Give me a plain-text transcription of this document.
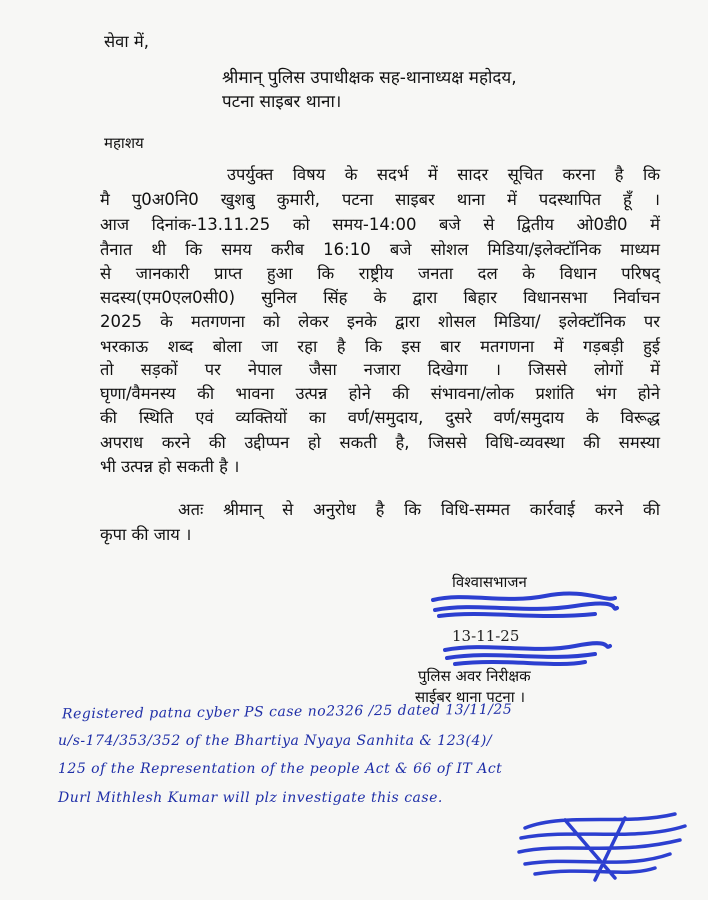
सेवा में,
श्रीमान् पुलिस उपाधीक्षक सह-थानाध्यक्ष महोदय,
पटना साइबर थाना।
महाशय
उपर्युक्त विषय के सदर्भ में सादर सूचित करना है कि
मै पु0अ0नि0 खुशबु कुमारी, पटना साइबर थाना में पदस्थापित हूँ ।
आज दिनांक-13.11.25 को समय-14:00 बजे से द्वितीय ओ0डी0 में
तैनात थी कि समय करीब 16:10 बजे सोशल मिडिया/इलेक्टॉनिक माध्यम
से जानकारी प्राप्त हुआ कि राष्ट्रीय जनता दल के विधान परिषद्
सदस्य(एम0एल0सी0) सुनिल सिंह के द्वारा बिहार विधानसभा निर्वाचन
2025 के मतगणना को लेकर इनके द्वारा शोसल मिडिया/ इलेक्टॉनिक पर
भरकाऊ शब्द बोला जा रहा है कि इस बार मतगणना में गड़बड़ी हुई
तो सड़कों पर नेपाल जैसा नजारा दिखेगा । जिससे लोगों में
घृणा/वैमनस्य की भावना उत्पन्न होने की संभावना/लोक प्रशांति भंग होने
की स्थिति एवं व्यक्तियों का वर्ण/समुदाय, दुसरे वर्ण/समुदाय के विरूद्ध
अपराध करने की उद्दीप्पन हो सकती है, जिससे विधि-व्यवस्था की समस्या
भी उत्पन्न हो सकती है ।
अतः श्रीमान् से अनुरोध है कि विधि-सम्मत कार्रवाई करने की
कृपा की जाय ।
विश्वासभाजन
13-11-25
पुलिस अवर निरीक्षक
साईबर थाना पटना ।
Registered patna cyber PS case no2326 /25 dated 13/11/25
u/s-174/353/352 of the Bhartiya Nyaya Sanhita & 123(4)/
125 of the Representation of the people Act & 66 of IT Act
Durl Mithlesh Kumar will plz investigate this case.
